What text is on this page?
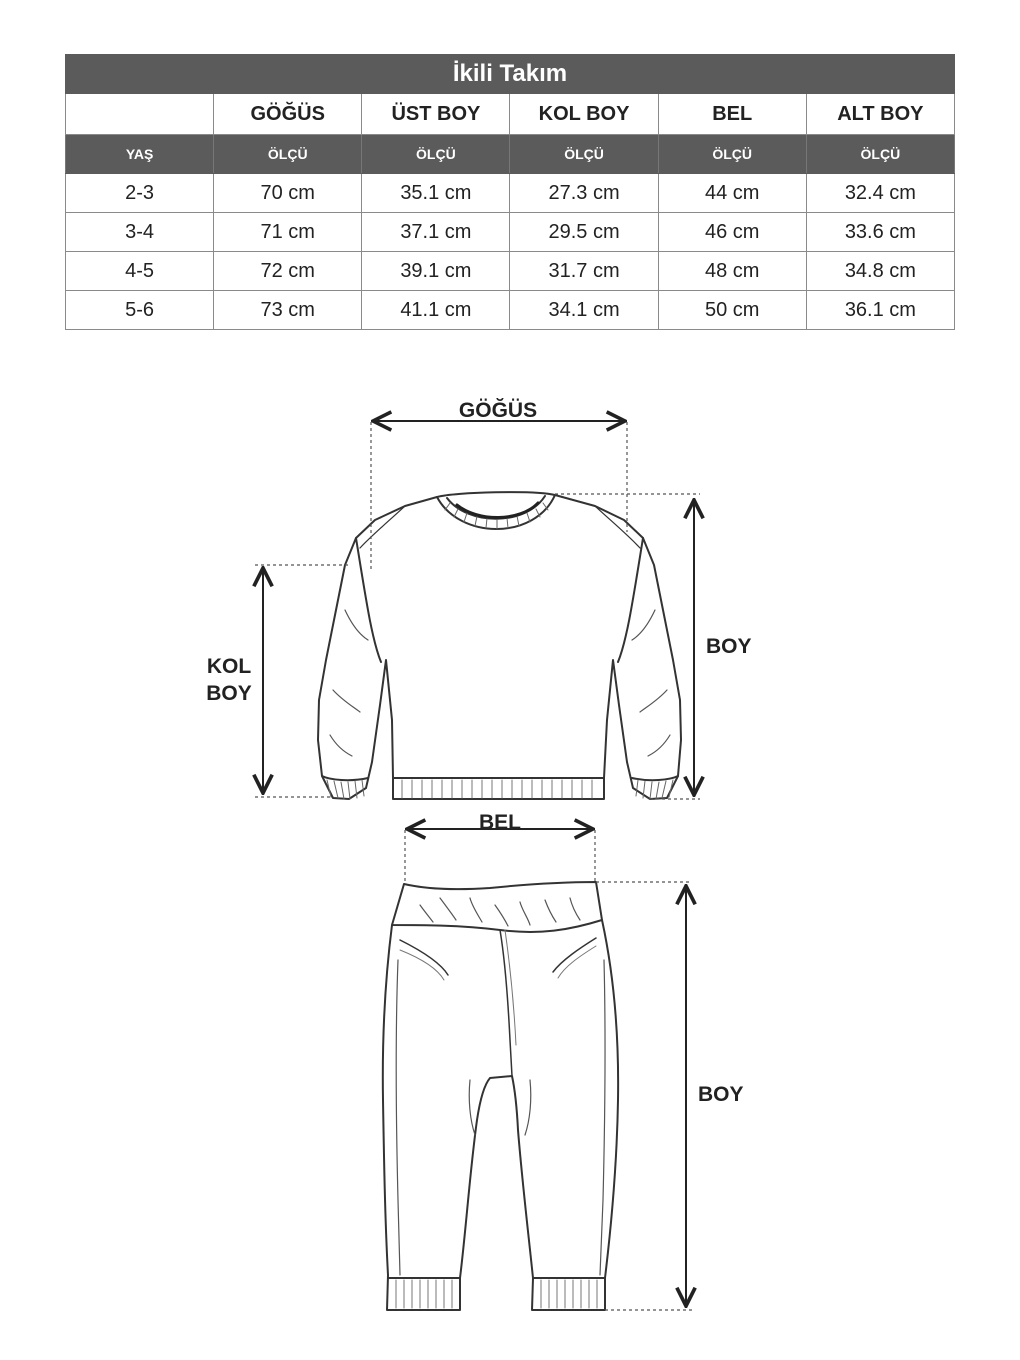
İkili Takım					
	GÖĞÜS	ÜST BOY	KOL BOY	BEL	ALT BOY
YAŞ	ÖLÇÜ	ÖLÇÜ	ÖLÇÜ	ÖLÇÜ	ÖLÇÜ
2-3	70 cm	35.1 cm	27.3 cm	44 cm	32.4 cm
3-4	71 cm	37.1 cm	29.5 cm	46 cm	33.6 cm
4-5	72 cm	39.1 cm	31.7 cm	48 cm	34.8 cm
5-6	73 cm	41.1 cm	34.1 cm	50 cm	36.1 cm
GÖĞÜS
BOY
KOL
BOY
BEL
BOY
